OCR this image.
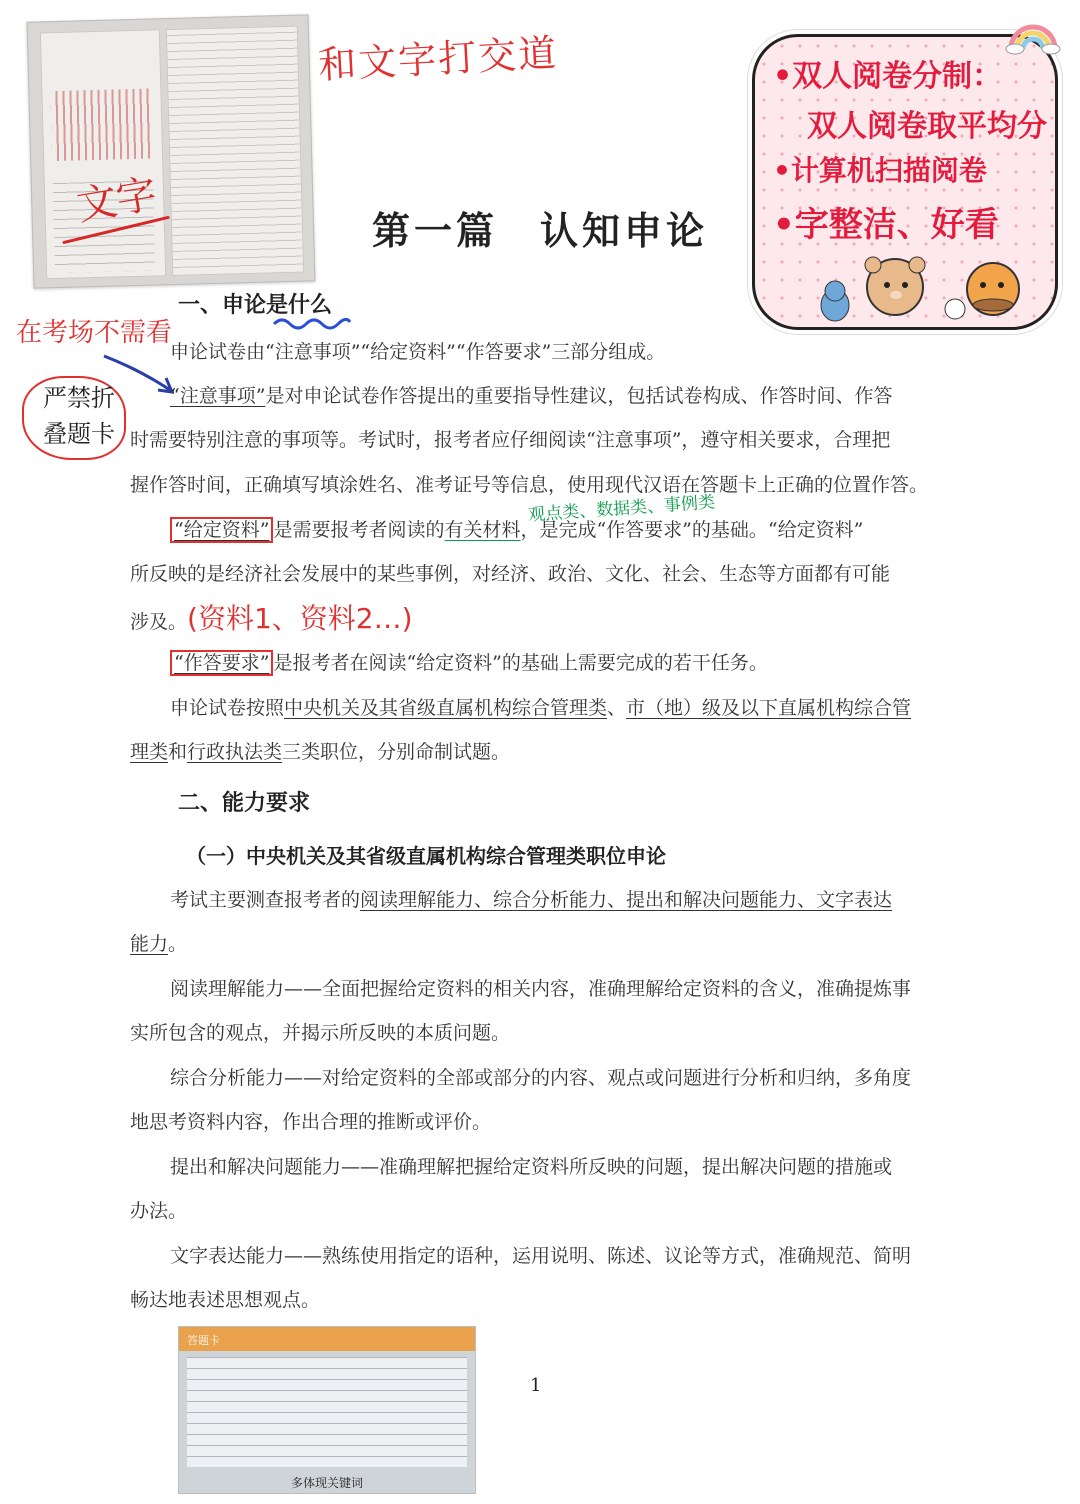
文字
和文字打交道	•双人阅卷分制：
双人阅卷取平均分
•计算机扫描阅卷
•字整洁、好看
第一篇　认知申论
一、申论是什么
在考场不需看
严禁折
叠题卡
申论试卷由“注意事项”“给定资料”“作答要求”三部分组成。
“注意事项”是对申论试卷作答提出的重要指导性建议，包括试卷构成、作答时间、作答
时需要特别注意的事项等。考试时，报考者应仔细阅读“注意事项”，遵守相关要求，合理把
握作答时间，正确填写填涂姓名、准考证号等信息，使用现代汉语在答题卡上正确的位置作答。
观点类、数据类、事例类
“给定资料” 是需要报考者阅读的有关材料，是完成“作答要求”的基础。“给定资料”
所反映的是经济社会发展中的某些事例，对经济、政治、文化、社会、生态等方面都有可能
涉及。(资料1、资料2…)
“作答要求” 是报考者在阅读“给定资料”的基础上需要完成的若干任务。
申论试卷按照中央机关及其省级直属机构综合管理类、市（地）级及以下直属机构综合管
理类和行政执法类三类职位，分别命制试题。
二、能力要求
（一）中央机关及其省级直属机构综合管理类职位申论
考试主要测查报考者的阅读理解能力、综合分析能力、提出和解决问题能力、文字表达
能力。
阅读理解能力——全面把握给定资料的相关内容，准确理解给定资料的含义，准确提炼事
实所包含的观点，并揭示所反映的本质问题。
综合分析能力——对给定资料的全部或部分的内容、观点或问题进行分析和归纳，多角度
地思考资料内容，作出合理的推断或评价。
提出和解决问题能力——准确理解把握给定资料所反映的问题，提出解决问题的措施或
办法。
文字表达能力——熟练使用指定的语种，运用说明、陈述、议论等方式，准确规范、简明
畅达地表述思想观点。
答题卡
多体现关键词
1
